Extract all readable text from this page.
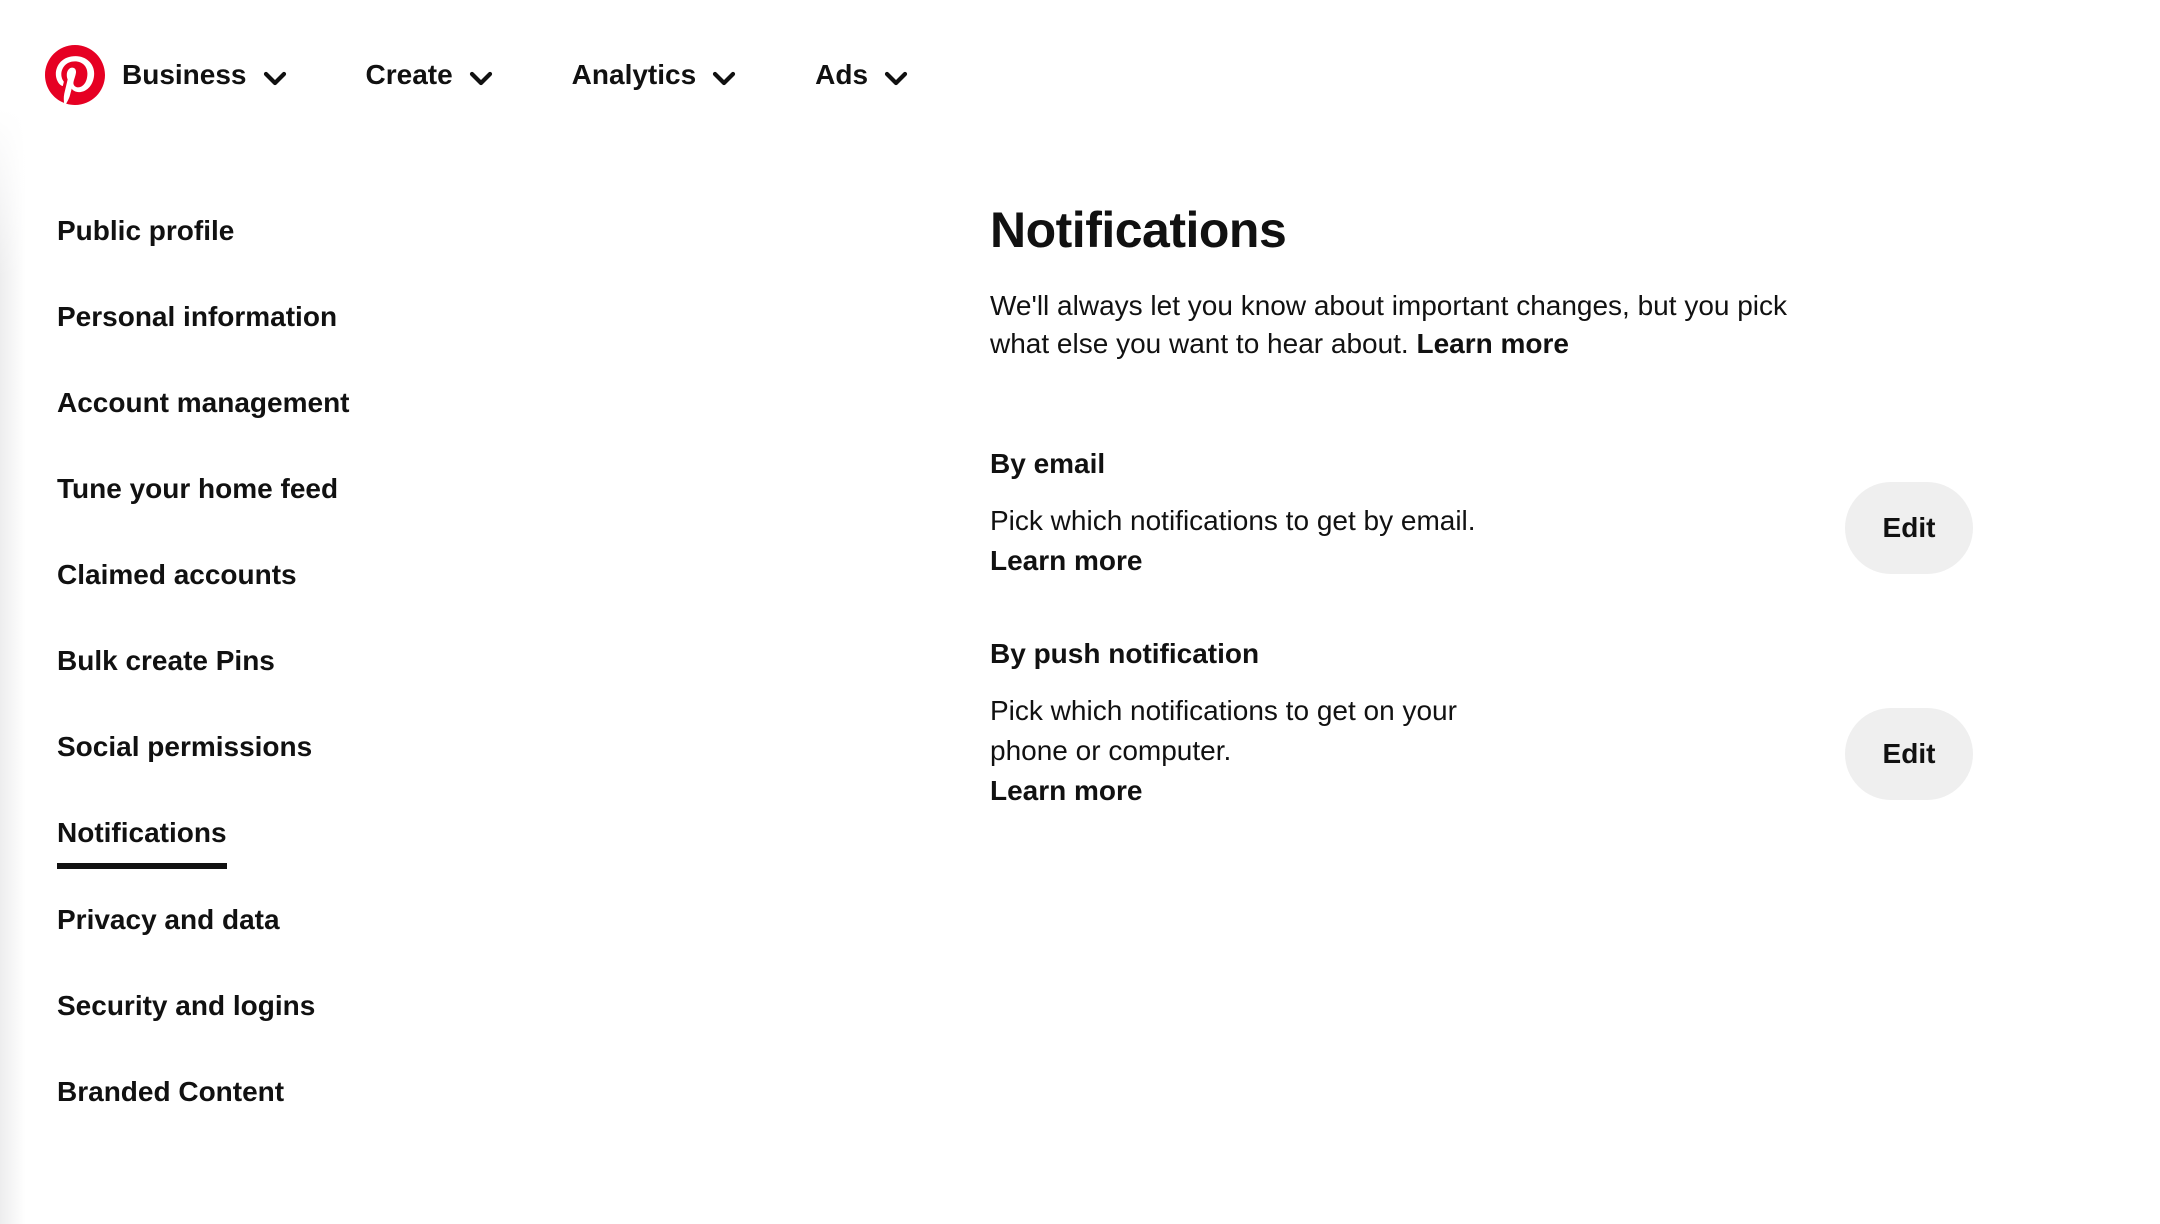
Business	Create	Analytics	Ads
Public profile
Personal information
Account management
Tune your home feed
Claimed accounts
Bulk create Pins
Social permissions
Notifications
Privacy and data
Security and logins
Branded Content
Notifications

We'll always let you know about important changes, but you pick
what else you want to hear about. Learn more

By email

Pick which notifications to get by email.

Learn more
Edit
By push notification

Pick which notifications to get on your
phone or computer.

Learn more
Edit
